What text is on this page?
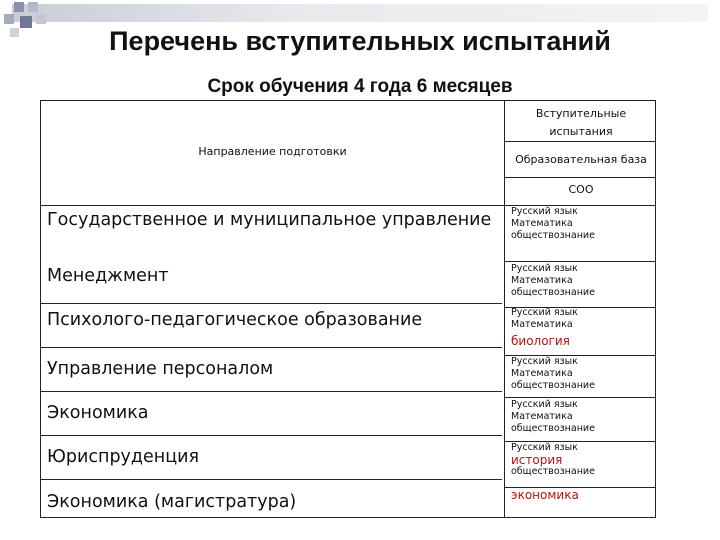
Перечень вступительных испытаний
Срок обучения 4 года 6 месяцев
Направление подготовки
Вступительные испытания
Образовательная база
СОО
Государственное и муниципальное управление
Менеджмент
Психолого-педагогическое образование
Управление персоналом
Экономика
Юриспруденция
Экономика (магистратура)
Русский язык
Математика
обществознание
Русский язык
Математика
обществознание
Русский язык
Математика
биология
Русский язык
Математика
обществознание
Русский язык
Математика
обществознание
Русский язык
история
обществознание
экономика
